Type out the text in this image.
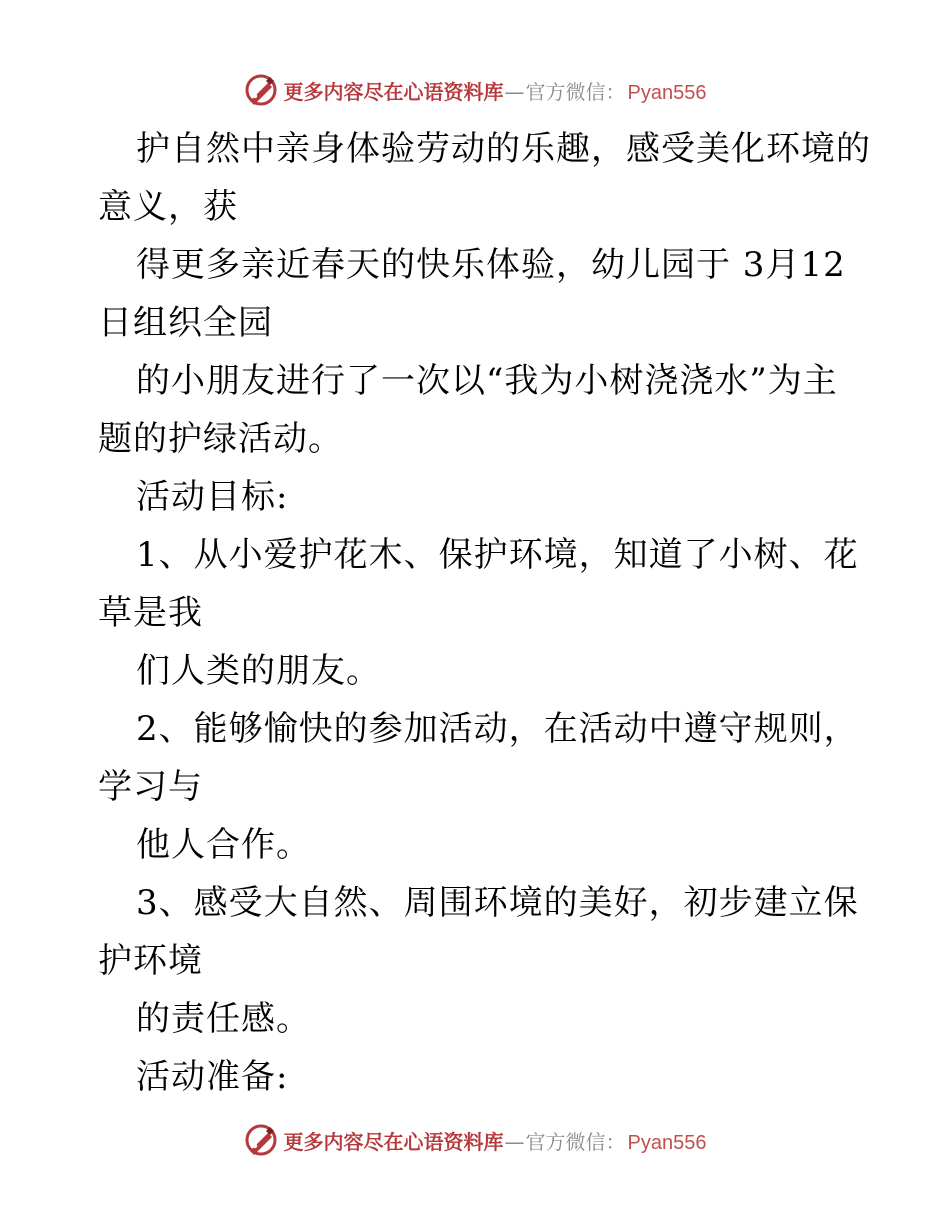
更多内容尽在心语资料库 — 官方微信： Pyan556
护自然中亲身体验劳动的乐趣，感受美化环境的
意义，获
得更多亲近春天的快乐体验，幼儿园于 3月12
日组织全园
的小朋友进行了一次以“我为小树浇浇水”为主
题的护绿活动。
活动目标:
1、从小爱护花木、保护环境，知道了小树、花
草是我
们人类的朋友。
2、能够愉快的参加活动，在活动中遵守规则，
学习与
他人合作。
3、感受大自然、周围环境的美好，初步建立保
护环境
的责任感。
活动准备:
更多内容尽在心语资料库 — 官方微信： Pyan556
